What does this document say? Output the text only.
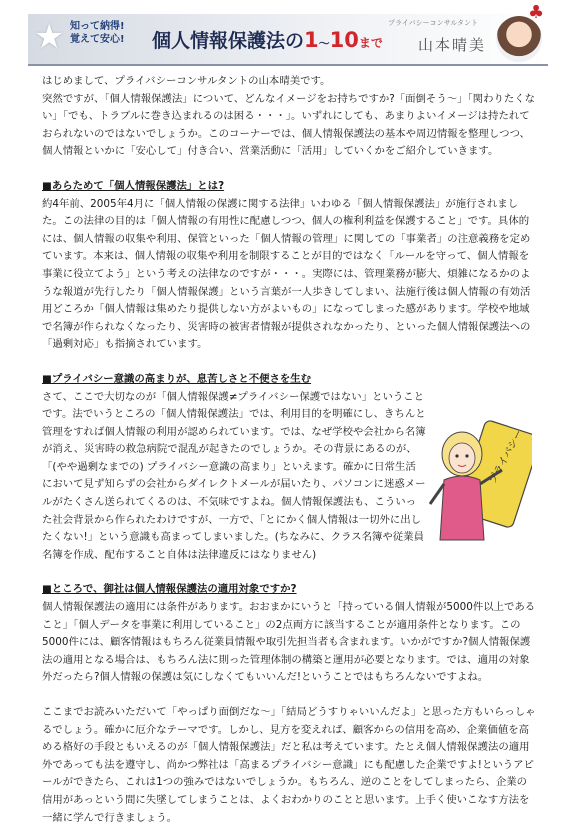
★ 知って納得!
覚えて安心! 個人情報保護法の1〜10まで
プライバシーコンサルタント
山本晴美
♣

はじめまして、プライバシーコンサルタントの山本晴美です。

突然ですが、「個人情報保護法」について、どんなイメージをお持ちですか?「面倒そう〜」「関わりたくない」「でも、トラブルに巻き込まれるのは困る・・・」。いずれにしても、あまりよいイメージは持たれておられないのではないでしょうか。このコーナーでは、個人情報保護法の基本や周辺情報を整理しつつ、個人情報といかに「安心して」付き合い、営業活動に「活用」していくかをご紹介していきます。

■あらためて「個人情報保護法」とは?

約4年前、2005年4月に「個人情報の保護に関する法律」いわゆる「個人情報保護法」が施行されました。この法律の目的は「個人情報の有用性に配慮しつつ、個人の権利利益を保護すること」です。具体的には、個人情報の収集や利用、保管といった「個人情報の管理」に関しての「事業者」の注意義務を定めています。本来は、個人情報の収集や利用を制限することが目的ではなく「ルールを守って、個人情報を事業に役立てよう」という考えの法律なのですが・・・。実際には、管理業務が膨大、煩雑になるかのような報道が先行したり「個人情報保護」という言葉が一人歩きしてしまい、法施行後は個人情報の有効活用どころか「個人情報は集めたり提供しない方がよいもの」になってしまった感があります。学校や地域で名簿が作られなくなったり、災害時の被害者情報が提供されなかったり、といった個人情報保護法への「過剰対応」も指摘されています。

■プライバシー意識の高まりが、息苦しさと不便さを生む

さて、ここで大切なのが「個人情報保護≠プライバシー保護ではない」ということです。法でいうところの「個人情報保護法」では、利用目的を明確にし、きちんと管理をすれば個人情報の利用が認められています。では、なぜ学校や会社から名簿が消え、災害時の救急病院で混乱が起きたのでしょうか。その背景にあるのが、「(やや過剰なまでの) プライバシー意識の高まり」といえます。確かに日常生活において見ず知らずの会社からダイレクトメールが届いたり、パソコンに迷惑メールがたくさん送られてくるのは、不気味ですよね。個人情報保護法も、こういった社会背景から作られたわけですが、一方で、「とにかく個人情報は一切外に出したくない!」という意識も高まってしまいました。(ちなみに、クラス名簿や従業員名簿を作成、配布すること自体は法律違反にはなりません)

■ところで、御社は個人情報保護法の適用対象ですか?

個人情報保護法の適用には条件があります。おおまかにいうと「持っている個人情報が5000件以上であること」「個人データを事業に利用していること」の2点両方に該当することが適用条件となります。この5000件には、顧客情報はもちろん従業員情報や取引先担当者も含まれます。いかがですか?個人情報保護法の適用となる場合は、もちろん法に則った管理体制の構築と運用が必要となります。では、適用の対象外だったら?個人情報の保護は気にしなくてもいいんだ!ということではもちろんないですよね。

ここまでお読みいただいて「やっぱり面倒だな〜」「結局どうすりゃいいんだよ」と思った方もいらっしゃるでしょう。確かに厄介なテーマです。しかし、見方を変えれば、顧客からの信用を高め、企業価値を高める格好の手段ともいえるのが「個人情報保護法」だと私は考えています。たとえ個人情報保護法の適用外であっても法を遵守し、尚かつ弊社は「高まるプライバシー意識」にも配慮した企業ですよ!というアピールができたら、これは1つの強みではないでしょうか。もちろん、逆のことをしてしまったら、企業の信用があっという間に失墜してしまうことは、よくおわかりのことと思います。上手く使いこなす方法を一緒に学んで行きましょう。

プライバシー
